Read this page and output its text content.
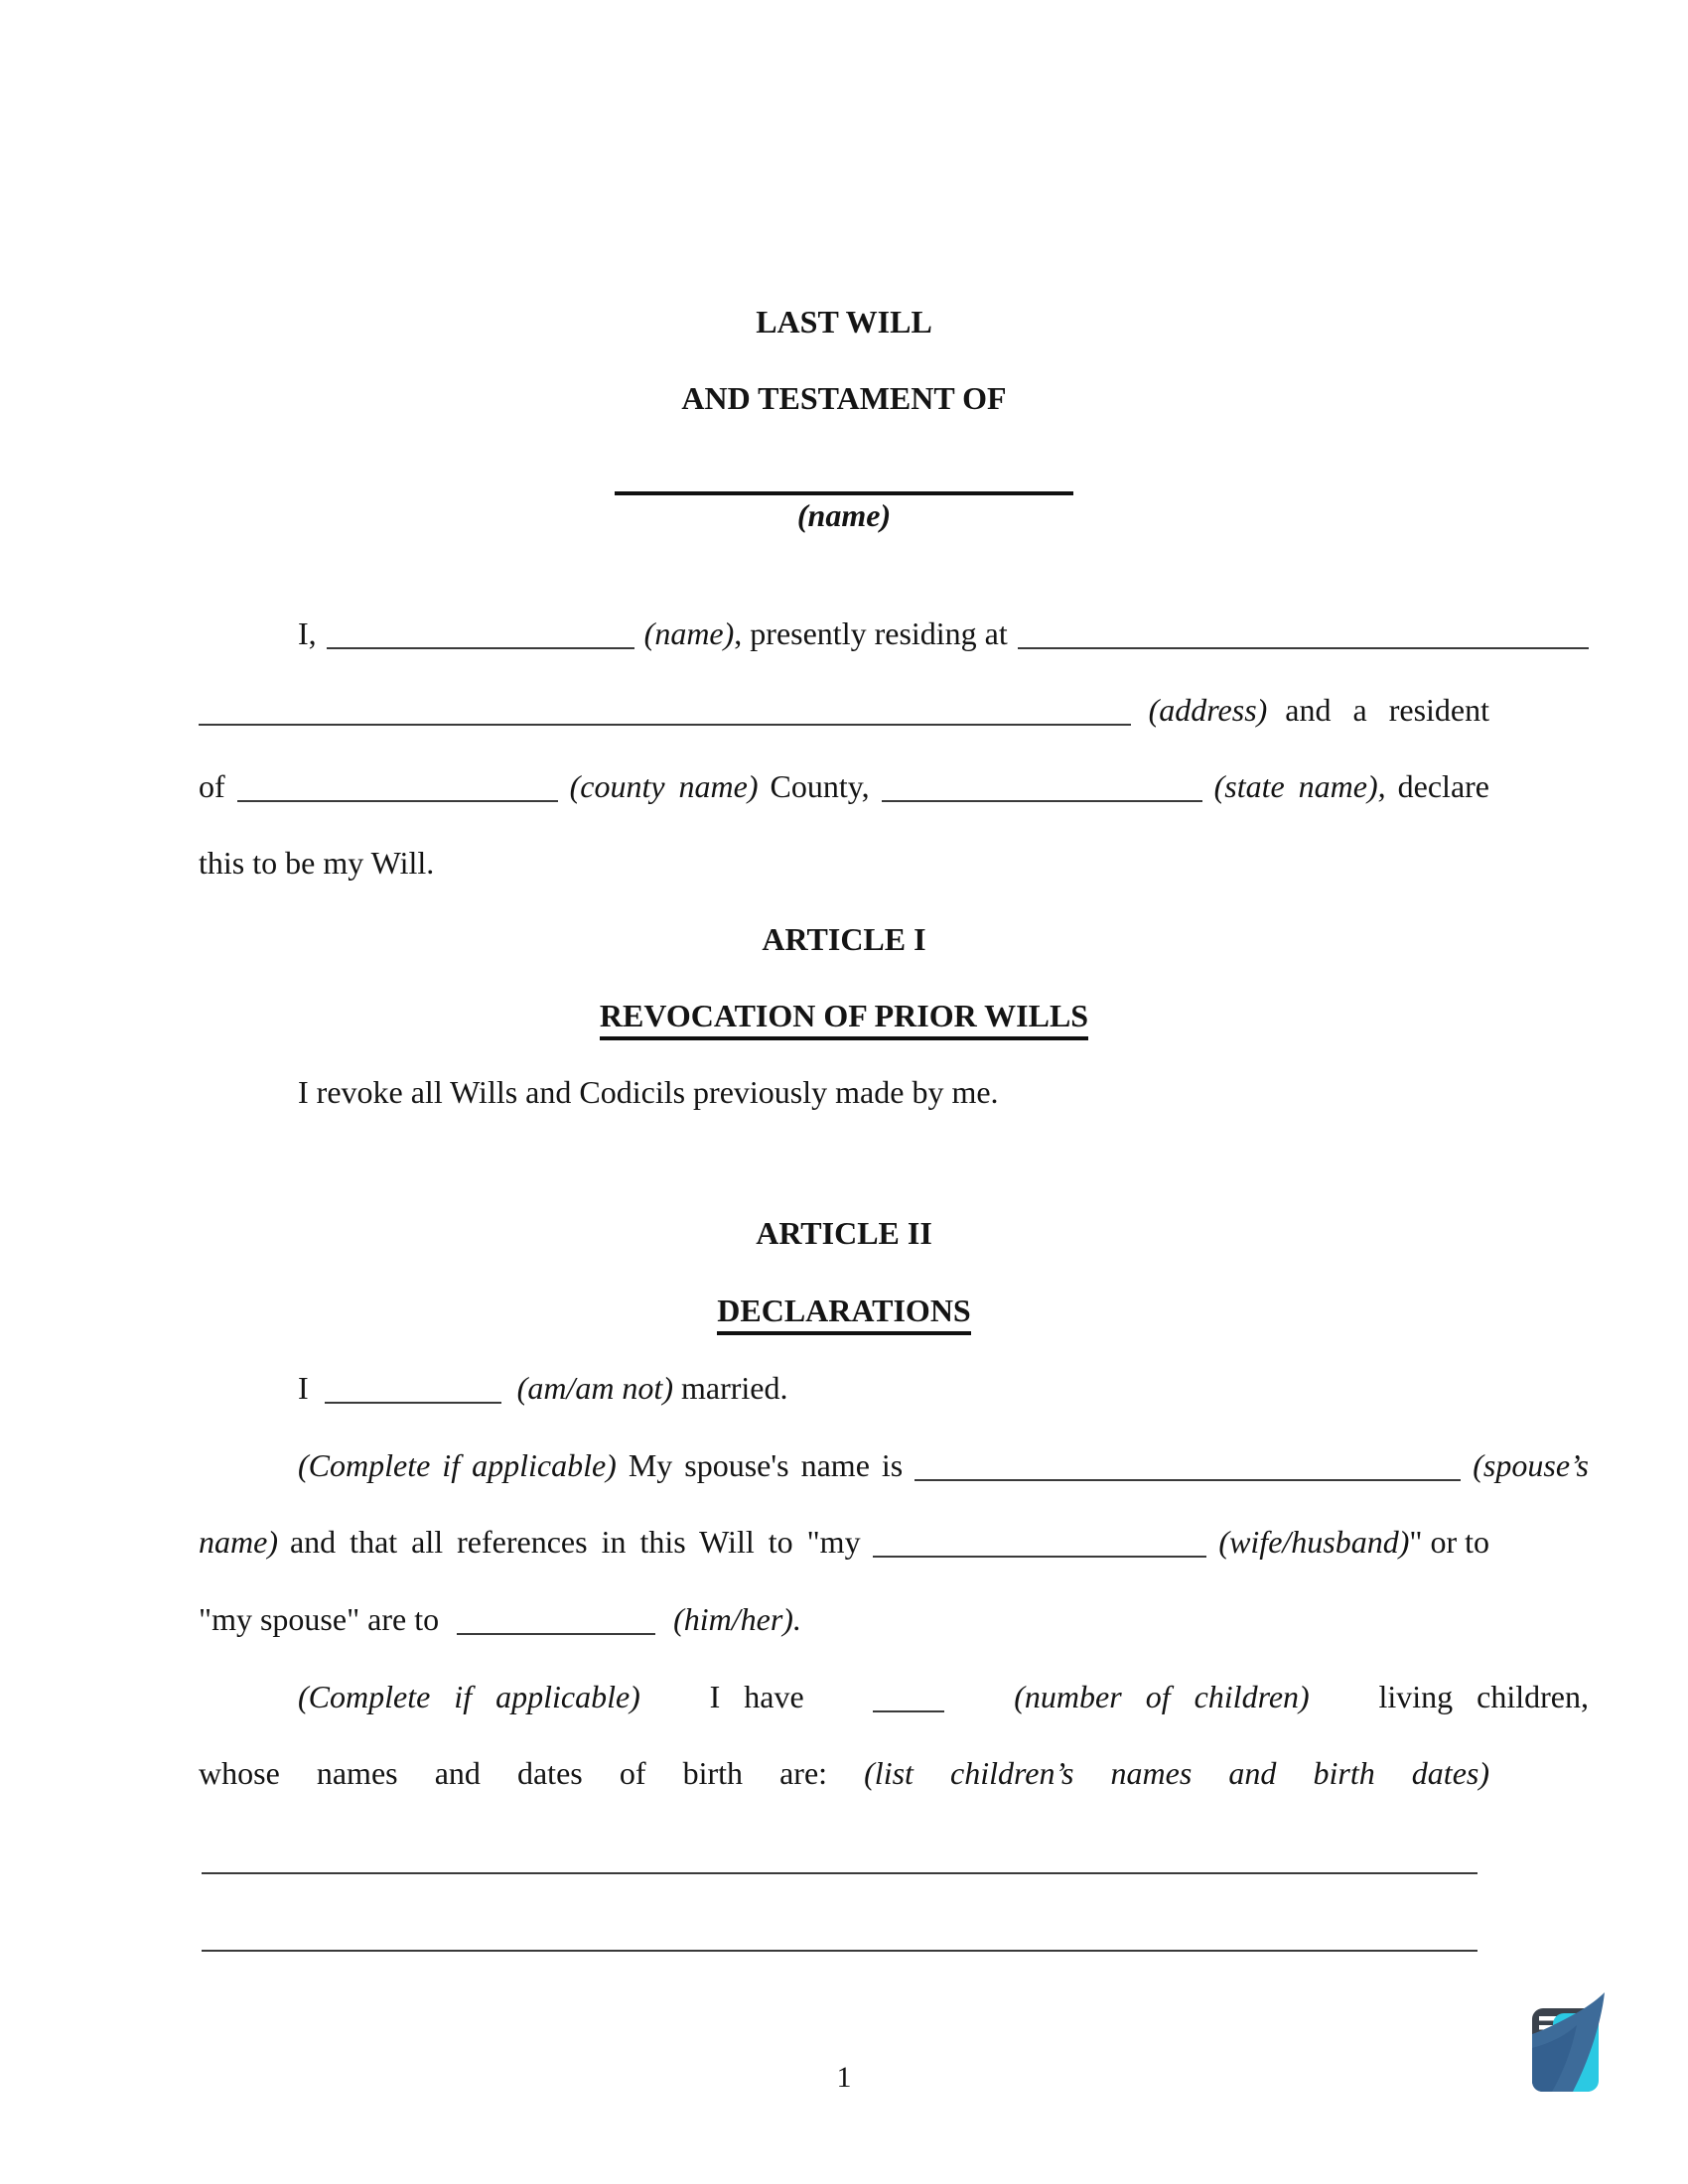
LAST WILL
AND TESTAMENT OF
(name)
I,	(name), presently residing at
(address) and a resident
of	(county name) County,	(state name), declare
this to be my Will.
ARTICLE I
REVOCATION OF PRIOR WILLS
I revoke all Wills and Codicils previously made by me.
ARTICLE II
DECLARATIONS
I	(am/am not) married.
(Complete if applicable) My spouse's name is	(spouse’s
name) and that all references in this Will to "my	(wife/husband)" or to
"my spouse" are to	(him/her).
(Complete if applicable) I have	(number of children) living children,
whose names and dates of birth are: (list children’s names and birth dates)
1
